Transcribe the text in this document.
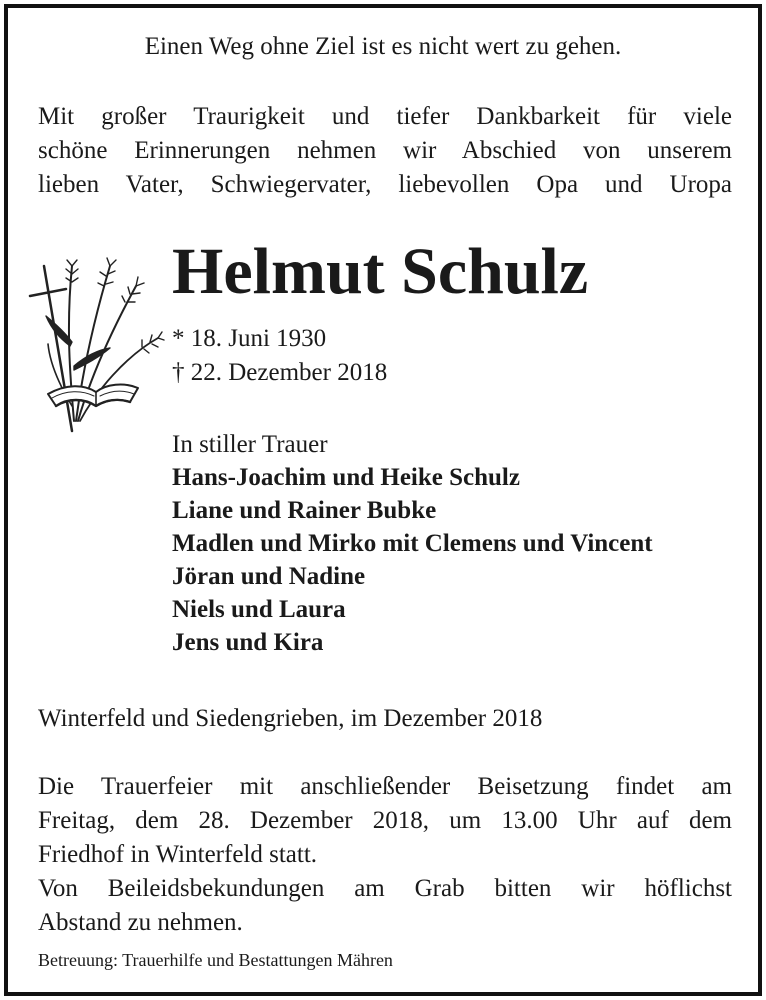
Einen Weg ohne Ziel ist es nicht wert zu gehen.
Mit großer Traurigkeit und tiefer Dankbarkeit für viele
schöne Erinnerungen nehmen wir Abschied von unserem
lieben Vater, Schwiegervater, liebevollen Opa und Uropa
Helmut Schulz
* 18. Juni 1930
† 22. Dezember 2018
In stiller Trauer
Hans-Joachim und Heike Schulz
Liane und Rainer Bubke
Madlen und Mirko mit Clemens und Vincent
Jöran und Nadine
Niels und Laura
Jens und Kira
Winterfeld und Siedengrieben, im Dezember 2018
Die Trauerfeier mit anschließender Beisetzung findet am
Freitag, dem 28. Dezember 2018, um 13.00 Uhr auf dem
Friedhof in Winterfeld statt.
Von Beileidsbekundungen am Grab bitten wir höflichst
Abstand zu nehmen.
Betreuung: Trauerhilfe und Bestattungen Mähren
